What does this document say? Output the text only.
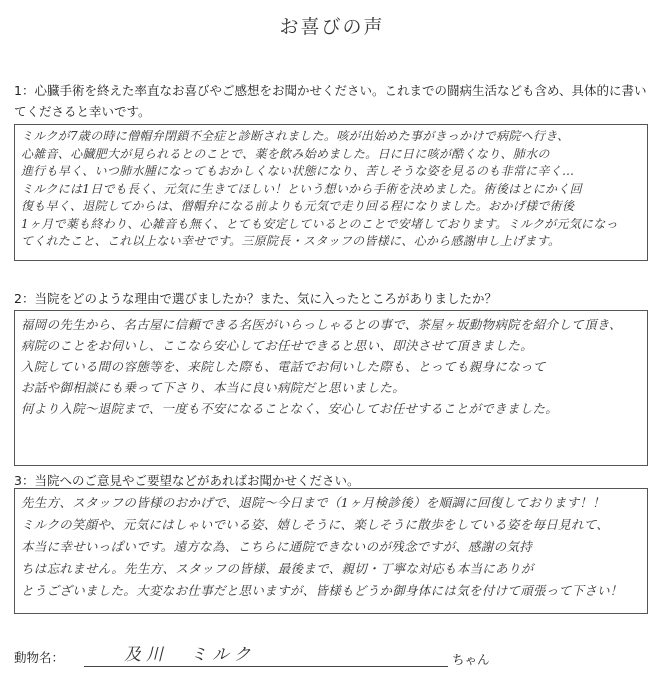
お喜びの声
1：心臓手術を終えた率直なお喜びやご感想をお聞かせください。これまでの闘病生活なども含め、具体的に書いてくださると幸いです。

ミルクが7歳の時に僧帽弁閉鎖不全症と診断されました。咳が出始めた事がきっかけで病院へ行き、

心雑音、心臓肥大が見られるとのことで、薬を飲み始めました。日に日に咳が酷くなり、肺水の

進行も早く、いつ肺水腫になってもおかしくない状態になり、苦しそうな姿を見るのも非常に辛く…

ミルクには1日でも長く、元気に生きてほしい！という想いから手術を決めました。術後はとにかく回

復も早く、退院してからは、僧帽弁になる前よりも元気で走り回る程になりました。おかげ様で術後

1ヶ月で薬も終わり、心雑音も無く、とても安定しているとのことで安堵しております。ミルクが元気になっ

てくれたこと、これ以上ない幸せです。三原院長・スタッフの皆様に、心から感謝申し上げます。

2：当院をどのような理由で選びましたか？また、気に入ったところがありましたか？

福岡の先生から、名古屋に信頼できる名医がいらっしゃるとの事で、茶屋ヶ坂動物病院を紹介して頂き、

病院のことをお伺いし、ここなら安心してお任せできると思い、即決させて頂きました。

入院している間の容態等を、来院した際も、電話でお伺いした際も、とっても親身になって

お話や御相談にも乗って下さり、本当に良い病院だと思いました。

何より入院～退院まで、一度も不安になることなく、安心してお任せすることができました。

3：当院へのご意見やご要望などがあればお聞かせください。

先生方、スタッフの皆様のおかげで、退院～今日まで（1ヶ月検診後）を順調に回復しております！！

ミルクの笑顔や、元気にはしゃいでいる姿、嬉しそうに、楽しそうに散歩をしている姿を毎日見れて、

本当に幸せいっぱいです。遠方な為、こちらに通院できないのが残念ですが、感謝の気持

ちは忘れません。先生方、スタッフの皆様、最後まで、親切・丁寧な対応も本当にありが

とうございました。大変なお仕事だと思いますが、皆様もどうか御身体には気を付けて頑張って下さい！

動物名：	及川　ミルク	ちゃん
